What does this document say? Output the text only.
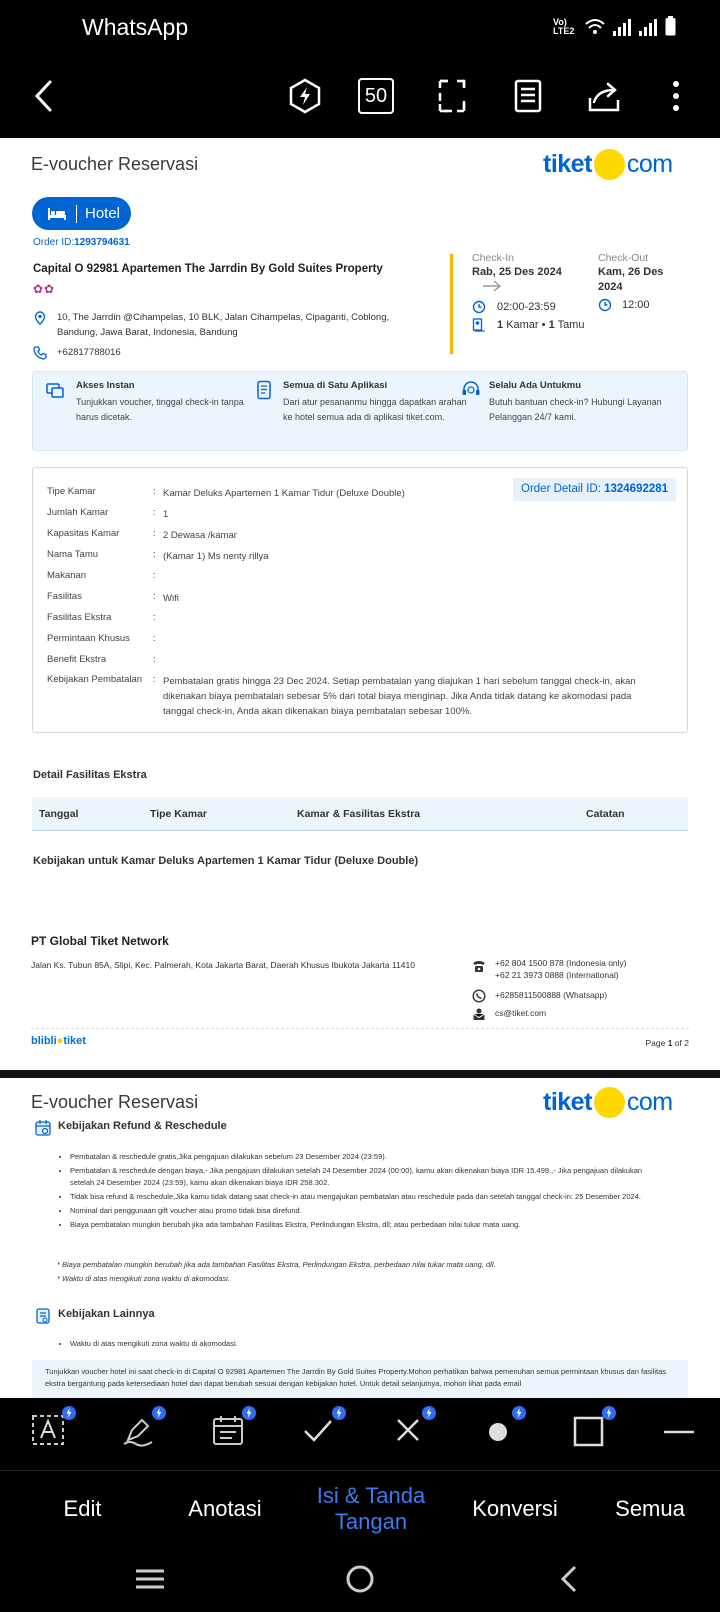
WhatsApp	Vo) LTE2
50
E-voucher Reservasi	tiket com
Hotel
Order ID:1293794631
Capital O 92981 Apartemen The Jarrdin By Gold Suites Property
✿✿
10, The Jarrdin @Cihampelas, 10 BLK, Jalan Cihampelas, Cipaganti, Coblong, Bandung, Jawa Barat, Indonesia, Bandung
+62817788016
Check-In
Rab, 25 Des 2024
Check-Out
Kam, 26 Des
2024
02:00-23:59	12:00
1 Kamar • 1 Tamu
Akses Instan
Tunjukkan voucher, tinggal check-in tanpa harus dicetak.
Semua di Satu Aplikasi
Dari atur pesananmu hingga dapatkan arahan ke hotel semua ada di aplikasi tiket.com.
Selalu Ada Untukmu
Butuh bantuan check-in? Hubungi Layanan Pelanggan 24/7 kami.
Order Detail ID: 1324692281
Tipe Kamar	: Kamar Deluks Apartemen 1 Kamar Tidur (Deluxe Double)
Jumlah Kamar	: 1
Kapasitas Kamar	: 2 Dewasa /kamar
Nama Tamu	: (Kamar 1) Ms nenty rillya
Makanan	:
Fasilitas	: Wifi
Fasilitas Ekstra	:
Permintaan Khusus	:
Benefit Ekstra	:
Kebijakan Pembatalan	: Pembatalan gratis hingga 23 Dec 2024. Setiap pembatalan yang diajukan 1 hari sebelum tanggal check-in, akan dikenakan biaya pembatalan sebesar 5% dari total biaya menginap. Jika Anda tidak datang ke akomodasi pada tanggal check-in, Anda akan dikenakan biaya pembatalan sebesar 100%.
Detail Fasilitas Ekstra
Tanggal	Tipe Kamar	Kamar & Fasilitas Ekstra	Catatan
Kebijakan untuk Kamar Deluks Apartemen 1 Kamar Tidur (Deluxe Double)
PT Global Tiket Network
Jalan Ks. Tubun 85A, Slipi, Kec. Palmerah, Kota Jakarta Barat, Daerah Khusus Ibukota Jakarta 11410	+62 804 1500 878 (Indonesia only)
+62 21 3973 0888 (International)
+6285811500888 (Whatsapp)
cs@tiket.com
blibli●tiket	Page 1 of 2
E-voucher Reservasi	tiket com
Kebijakan Refund & Reschedule
• Pembatalan & reschedule gratis,Jika pengajuan dilakukan sebelum 23 Desember 2024 (23:59).
• Pembatalan & reschedule dengan biaya,- Jika pengajuan dilakukan setelah 24 Desember 2024 (00:00), kamu akan dikenakan biaya IDR 15.499.,- Jika pengajuan dilakukan setelah 24 Desember 2024 (23:59), kamu akan dikenakan biaya IDR 258.302.
• Tidak bisa refund & reschedule,Jika kamu tidak datang saat check-in atau mengajukan pembatalan atau reschedule pada dan setelah tanggal check-in: 25 Desember 2024.
• Nominal dari penggunaan gift voucher atau promo tidak bisa direfund.
• Biaya pembatalan mungkin berubah jika ada tambahan Fasilitas Ekstra, Perlindungan Ekstra, dll; atau perbedaan nilai tukar mata uang.
* Biaya pembatalan mungkin berubah jika ada tambahan Fasilitas Ekstra, Perlindungan Ekstra, perbedaan nilai tukar mata uang, dll.
* Waktu di atas mengikuti zona waktu di akomodasi.
Kebijakan Lainnya
• Waktu di atas mengikuti zona waktu di akomodasi.
Tunjukkan voucher hotel ini saat check-in di Capital O 92981 Apartemen The Jarrdin By Gold Suites Property.Mohon perhatikan bahwa pemenuhan semua permintaan khusus dan fasilitas ekstra bergantung pada ketersediaan hotel dan dapat berubah sesuai dengan kebijakan hotel. Untuk detail selanjutnya, mohon lihat pada email
Edit	Anotasi
Isi & Tanda
Tangan
Konversi	Semua
